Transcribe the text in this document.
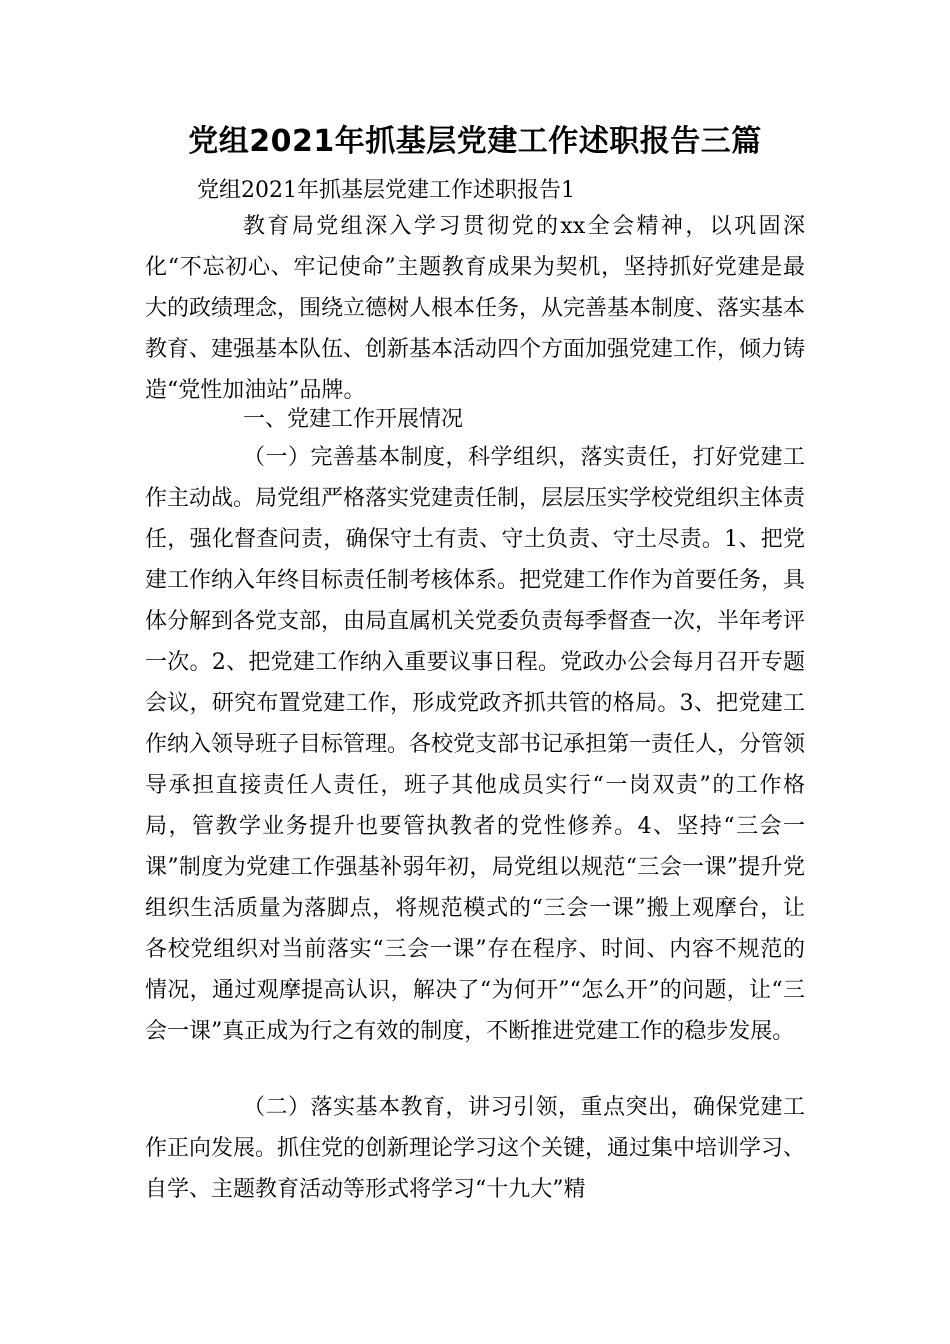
党组2021年抓基层党建工作述职报告三篇
党组2021年抓基层党建工作述职报告1

教育局党组深入学习贯彻党的xx全会精神，以巩固深化“不忘初心、牢记使命”主题教育成果为契机，坚持抓好党建是最大的政绩理念，围绕立德树人根本任务，从完善基本制度、落实基本教育、建强基本队伍、创新基本活动四个方面加强党建工作，倾力铸造“党性加油站”品牌。

一、党建工作开展情况

（一）完善基本制度，科学组织，落实责任，打好党建工作主动战。局党组严格落实党建责任制，层层压实学校党组织主体责任，强化督查问责，确保守土有责、守土负责、守土尽责。1、把党建工作纳入年终目标责任制考核体系。把党建工作作为首要任务，具体分解到各党支部，由局直属机关党委负责每季督查一次，半年考评一次。2、把党建工作纳入重要议事日程。党政办公会每月召开专题会议，研究布置党建工作，形成党政齐抓共管的格局。3、把党建工作纳入领导班子目标管理。各校党支部书记承担第一责任人，分管领导承担直接责任人责任，班子其他成员实行“一岗双责”的工作格局，管教学业务提升也要管执教者的党性修养。4、坚持“三会一课”制度为党建工作强基补弱年初，局党组以规范“三会一课”提升党组织生活质量为落脚点，将规范模式的“三会一课”搬上观摩台，让各校党组织对当前落实“三会一课”存在程序、时间、内容不规范的情况，通过观摩提高认识，解决了“为何开”“怎么开”的问题，让“三会一课”真正成为行之有效的制度，不断推进党建工作的稳步发展。

（二）落实基本教育，讲习引领，重点突出，确保党建工作正向发展。抓住党的创新理论学习这个关键，通过集中培训学习、自学、主题教育活动等形式将学习“十九大”精
